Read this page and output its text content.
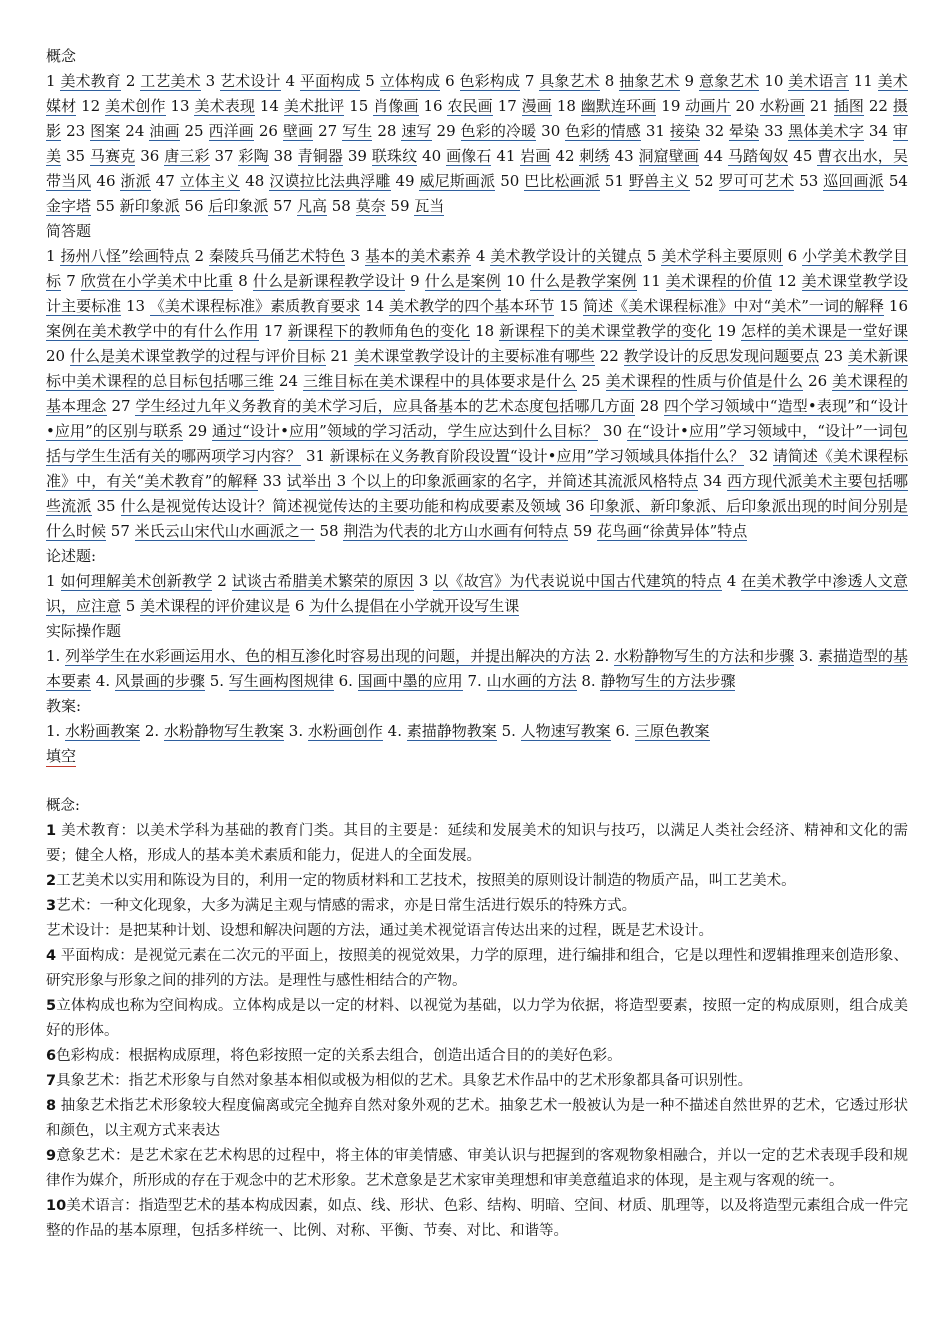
概念

1 美术教育 2 工艺美术 3 艺术设计 4 平面构成 5 立体构成 6 色彩构成 7 具象艺术 8 抽象艺术 9 意象艺术 10 美术语言 11 美术媒材 12 美术创作 13 美术表现 14 美术批评 15 肖像画 16 农民画 17 漫画 18 幽默连环画 19 动画片 20 水粉画 21 插图 22 摄影 23 图案 24 油画 25 西洋画 26 壁画 27 写生 28 速写 29 色彩的冷暖 30 色彩的情感 31 接染 32 晕染 33 黑体美术字 34 审美 35 马赛克 36 唐三彩 37 彩陶 38 青铜器 39 联珠纹 40 画像石 41 岩画 42 刺绣 43 洞窟壁画 44 马踏匈奴 45 曹衣出水，吴带当风 46 浙派 47 立体主义 48 汉谟拉比法典浮雕 49 威尼斯画派 50 巴比松画派 51 野兽主义 52 罗可可艺术 53 巡回画派 54 金字塔 55 新印象派 56 后印象派 57 凡高 58 莫奈 59 瓦当

简答题

1 扬州八怪”绘画特点 2 秦陵兵马俑艺术特色 3 基本的美术素养 4 美术教学设计的关键点 5 美术学科主要原则 6 小学美术教学目标 7 欣赏在小学美术中比重 8 什么是新课程教学设计 9 什么是案例 10 什么是教学案例 11 美术课程的价值 12 美术课堂教学设计主要标准 13 《美术课程标准》素质教育要求 14 美术教学的四个基本环节 15 简述《美术课程标准》中对“美术”一词的解释 16 案例在美术教学中的有什么作用 17 新课程下的教师角色的变化 18 新课程下的美术课堂教学的变化 19 怎样的美术课是一堂好课 20 什么是美术课堂教学的过程与评价目标 21 美术课堂教学设计的主要标准有哪些 22 教学设计的反思发现问题要点 23 美术新课标中美术课程的总目标包括哪三维 24 三维目标在美术课程中的具体要求是什么 25 美术课程的性质与价值是什么 26 美术课程的基本理念 27 学生经过九年义务教育的美术学习后，应具备基本的艺术态度包括哪几方面 28 四个学习领域中“造型•表现”和“设计•应用”的区别与联系 29 通过“设计•应用”领域的学习活动，学生应达到什么目标？ 30 在“设计•应用”学习领域中，“设计”一词包括与学生生活有关的哪两项学习内容？ 31 新课标在义务教育阶段设置“设计•应用”学习领域具体指什么？ 32 请简述《美术课程标准》中，有关“美术教育”的解释 33 试举出 3 个以上的印象派画家的名字，并简述其流派风格特点 34 西方现代派美术主要包括哪些流派 35 什么是视觉传达设计？简述视觉传达的主要功能和构成要素及领域 36 印象派、新印象派、后印象派出现的时间分别是什么时候 57 米氏云山宋代山水画派之一 58 荆浩为代表的北方山水画有何特点 59 花鸟画“徐黄异体”特点

论述题:

1 如何理解美术创新教学 2 试谈古希腊美术繁荣的原因 3 以《故宫》为代表说说中国古代建筑的特点 4 在美术教学中渗透人文意识，应注意 5 美术课程的评价建议是 6 为什么提倡在小学就开设写生课

实际操作题

1. 列举学生在水彩画运用水、色的相互渗化时容易出现的问题，并提出解决的方法 2. 水粉静物写生的方法和步骤 3. 素描造型的基本要素 4. 风景画的步骤 5. 写生画构图规律 6. 国画中墨的应用 7. 山水画的方法 8. 静物写生的方法步骤

教案:

1. 水粉画教案 2. 水粉静物写生教案 3. 水粉画创作 4. 素描静物教案 5. 人物速写教案 6. 三原色教案

填空

概念:

1 美术教育：以美术学科为基础的教育门类。其目的主要是：延续和发展美术的知识与技巧，以满足人类社会经济、精神和文化的需要；健全人格，形成人的基本美术素质和能力，促进人的全面发展。

2工艺美术以实用和陈设为目的，利用一定的物质材料和工艺技术，按照美的原则设计制造的物质产品，叫工艺美术。

3艺术：一种文化现象，大多为满足主观与情感的需求，亦是日常生活进行娱乐的特殊方式。

艺术设计：是把某种计划、设想和解决问题的方法，通过美术视觉语言传达出来的过程，既是艺术设计。

4 平面构成：是视觉元素在二次元的平面上，按照美的视觉效果，力学的原理，进行编排和组合，它是以理性和逻辑推理来创造形象、研究形象与形象之间的排列的方法。是理性与感性相结合的产物。

5立体构成也称为空间构成。立体构成是以一定的材料、以视觉为基础，以力学为依据，将造型要素，按照一定的构成原则，组合成美好的形体。

6色彩构成：根据构成原理，将色彩按照一定的关系去组合，创造出适合目的的美好色彩。

7具象艺术：指艺术形象与自然对象基本相似或极为相似的艺术。具象艺术作品中的艺术形象都具备可识别性。

8 抽象艺术指艺术形象较大程度偏离或完全抛弃自然对象外观的艺术。抽象艺术一般被认为是一种不描述自然世界的艺术，它透过形状和颜色，以主观方式来表达

9意象艺术：是艺术家在艺术构思的过程中，将主体的审美情感、审美认识与把握到的客观物象相融合，并以一定的艺术表现手段和规律作为媒介，所形成的存在于观念中的艺术形象。艺术意象是艺术家审美理想和审美意蕴追求的体现，是主观与客观的统一。

10美术语言：指造型艺术的基本构成因素，如点、线、形状、色彩、结构、明暗、空间、材质、肌理等，以及将造型元素组合成一件完整的作品的基本原理，包括多样统一、比例、对称、平衡、节奏、对比、和谐等。
